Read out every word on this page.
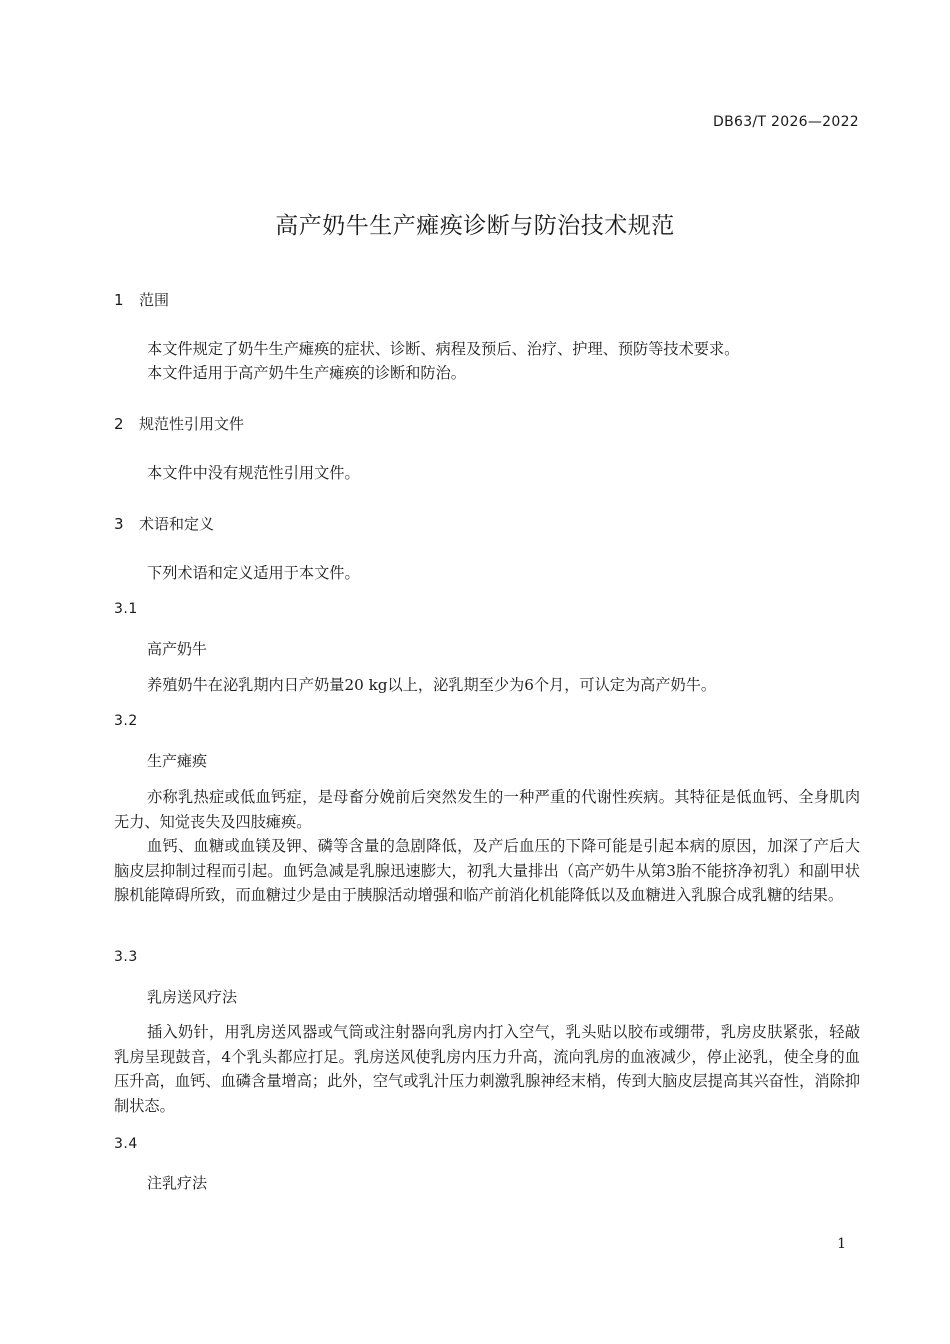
DB63/T 2026—2022
高产奶牛生产瘫痪诊断与防治技术规范
1 范围

本文件规定了奶牛生产瘫痪的症状、诊断、病程及预后、治疗、护理、预防等技术要求。

本文件适用于高产奶牛生产瘫痪的诊断和防治。

2 规范性引用文件

本文件中没有规范性引用文件。

3 术语和定义

下列术语和定义适用于本文件。

3.1
高产奶牛

养殖奶牛在泌乳期内日产奶量20 kg以上，泌乳期至少为6个月，可认定为高产奶牛。

3.2
生产瘫痪

亦称乳热症或低血钙症，是母畜分娩前后突然发生的一种严重的代谢性疾病。其特征是低血钙、全身肌肉无力、知觉丧失及四肢瘫痪。

血钙、血糖或血镁及钾、磷等含量的急剧降低，及产后血压的下降可能是引起本病的原因，加深了产后大脑皮层抑制过程而引起。血钙急减是乳腺迅速膨大，初乳大量排出（高产奶牛从第3胎不能挤净初乳）和副甲状腺机能障碍所致，而血糖过少是由于胰腺活动增强和临产前消化机能降低以及血糖进入乳腺合成乳糖的结果。

3.3
乳房送风疗法

插入奶针，用乳房送风器或气筒或注射器向乳房内打入空气，乳头贴以胶布或绷带，乳房皮肤紧张，轻敲乳房呈现鼓音，4个乳头都应打足。乳房送风使乳房内压力升高，流向乳房的血液减少，停止泌乳，使全身的血压升高，血钙、血磷含量增高；此外，空气或乳汁压力刺激乳腺神经末梢，传到大脑皮层提高其兴奋性，消除抑制状态。

3.4
注乳疗法
1
